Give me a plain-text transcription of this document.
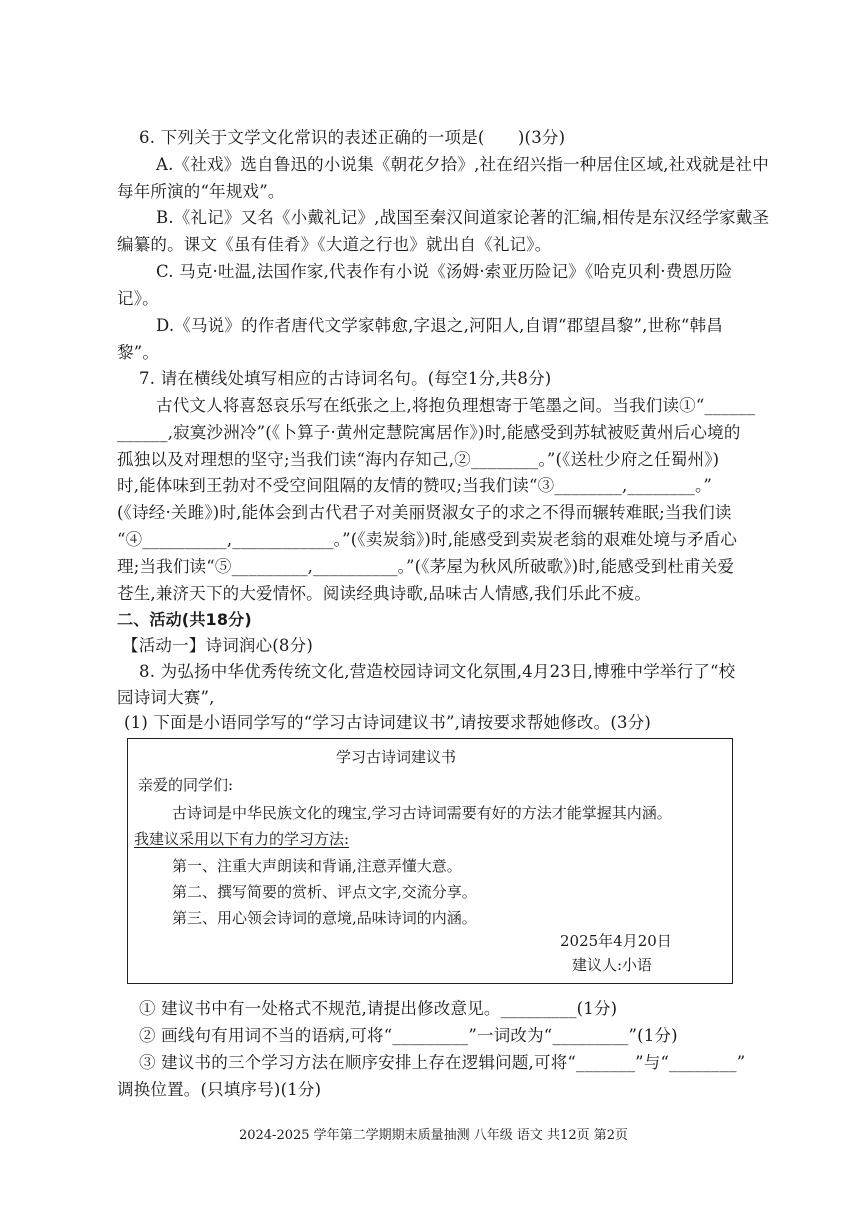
6. 下列关于文学文化常识的表述正确的一项是(　　)(3分)
A.《社戏》选自鲁迅的小说集《朝花夕拾》,社在绍兴指一种居住区域,社戏就是社中
每年所演的“年规戏”。
B.《礼记》又名《小戴礼记》,战国至秦汉间道家论著的汇编,相传是东汉经学家戴圣
编纂的。课文《虽有佳肴》《大道之行也》就出自《礼记》。
C. 马克·吐温,法国作家,代表作有小说《汤姆·索亚历险记》《哈克贝利·费恩历险
记》。
D.《马说》的作者唐代文学家韩愈,字退之,河阳人,自谓“郡望昌黎”,世称“韩昌
黎”。
7. 请在横线处填写相应的古诗词名句。(每空1分,共8分)
古代文人将喜怒哀乐写在纸张之上,将抱负理想寄于笔墨之间。当我们读①“______
______,寂寞沙洲冷”(《卜算子·黄州定慧院寓居作》)时,能感受到苏轼被贬黄州后心境的
孤独以及对理想的坚守;当我们读“海内存知己,②________。”(《送杜少府之任蜀州》)
时,能体味到王勃对不受空间阻隔的友情的赞叹;当我们读“③________,________。”
(《诗经·关雎》)时,能体会到古代君子对美丽贤淑女子的求之不得而辗转难眠;当我们读
“④__________,____________。”(《卖炭翁》)时,能感受到卖炭老翁的艰难处境与矛盾心
理;当我们读“⑤_________,__________。”(《茅屋为秋风所破歌》)时,能感受到杜甫关爱
苍生,兼济天下的大爱情怀。阅读经典诗歌,品味古人情感,我们乐此不疲。
二、活动(共18分)
【活动一】诗词润心(8分)
8. 为弘扬中华优秀传统文化,营造校园诗词文化氛围,4月23日,博雅中学举行了“校
园诗词大赛”,
(1) 下面是小语同学写的“学习古诗词建议书”,请按要求帮她修改。(3分)
学习古诗词建议书
亲爱的同学们:
古诗词是中华民族文化的瑰宝,学习古诗词需要有好的方法才能掌握其内涵。
我建议采用以下有力的学习方法:
第一、注重大声朗读和背诵,注意弄懂大意。
第二、撰写简要的赏析、评点文字,交流分享。
第三、用心领会诗词的意境,品味诗词的内涵。
2025年4月20日
建议人:小语
① 建议书中有一处格式不规范,请提出修改意见。_________(1分)
② 画线句有用词不当的语病,可将“_________”一词改为“_________”(1分)
③ 建议书的三个学习方法在顺序安排上存在逻辑问题,可将“_______”与“________”
调换位置。(只填序号)(1分)
2024-2025 学年第二学期期末质量抽测 八年级 语文 共12页 第2页
